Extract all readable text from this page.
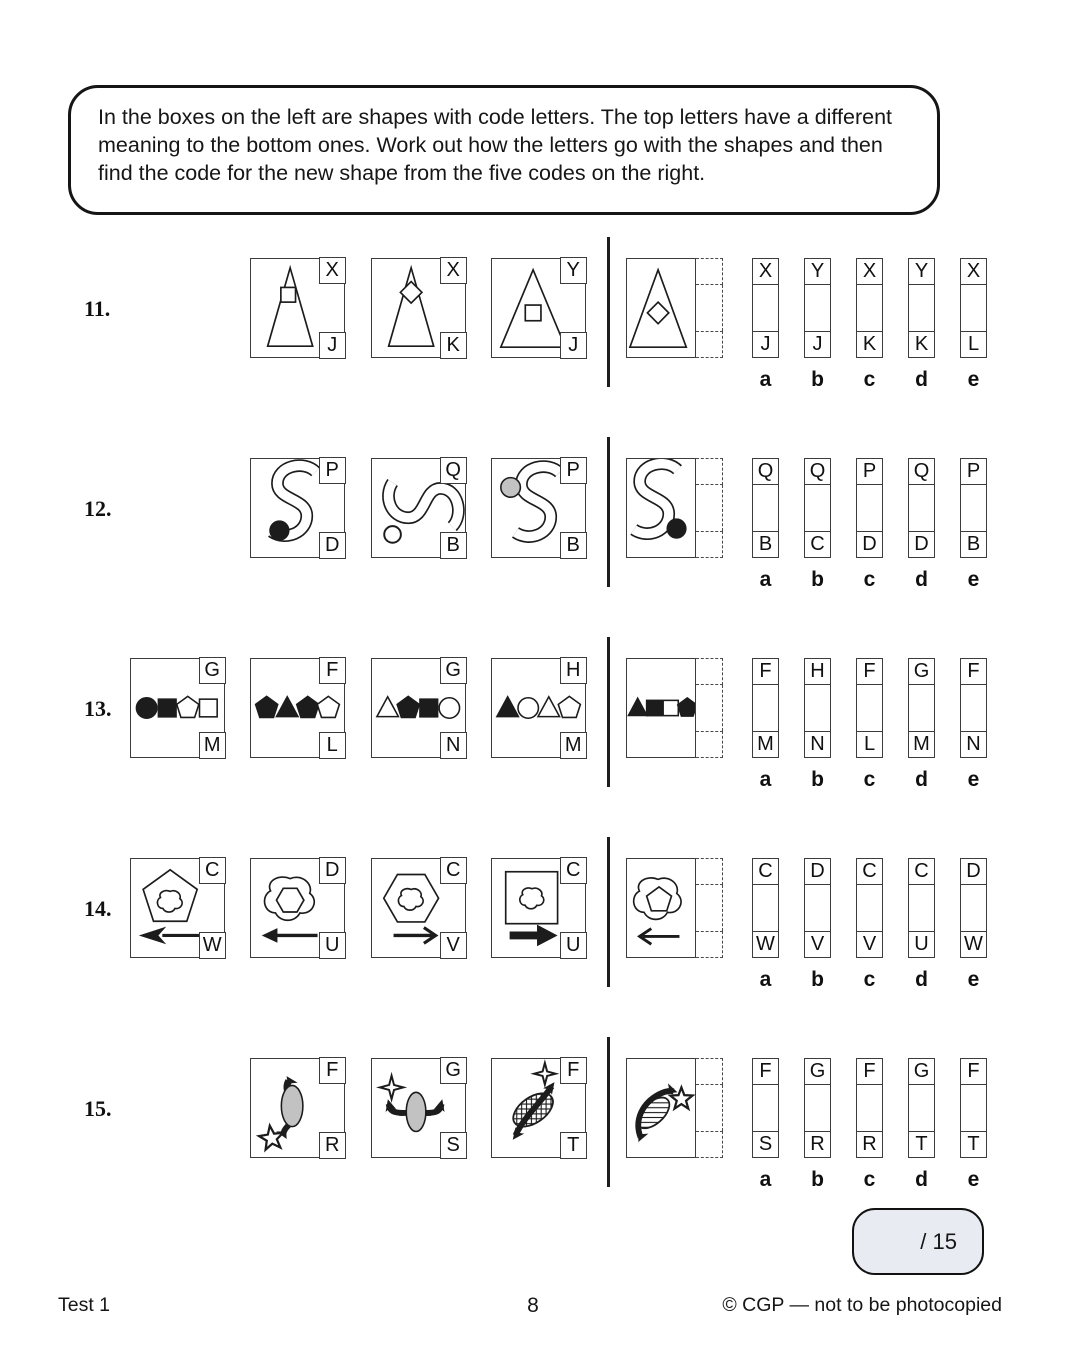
In the boxes on the left are shapes with code letters. The top letters have a different meaning to the bottom ones. Work out how the letters go with the shapes and then find the code for the new shape from the five codes on the right.

11.
X
J
X
K
Y
J
X
J
a
Y
J
b
X
K
c
Y
K
d
X
L
e
12.
P
D
Q
B
P
B
Q
B
a
Q
C
b
P
D
c
Q
D
d
P
B
e
13.
G
M
F
L
G
N
H
M
F
M
a
H
N
b
F
L
c
G
M
d
F
N
e
14.
C
W
D
U
C
V
C
U
C
W
a
D
V
b
C
V
c
C
U
d
D
W
e
15.
F
R
G
S
F
T
F
S
a
G
R
b
F
R
c
G
T
d
F
T
e
/ 15
Test 1	8	© CGP — not to be photocopied
